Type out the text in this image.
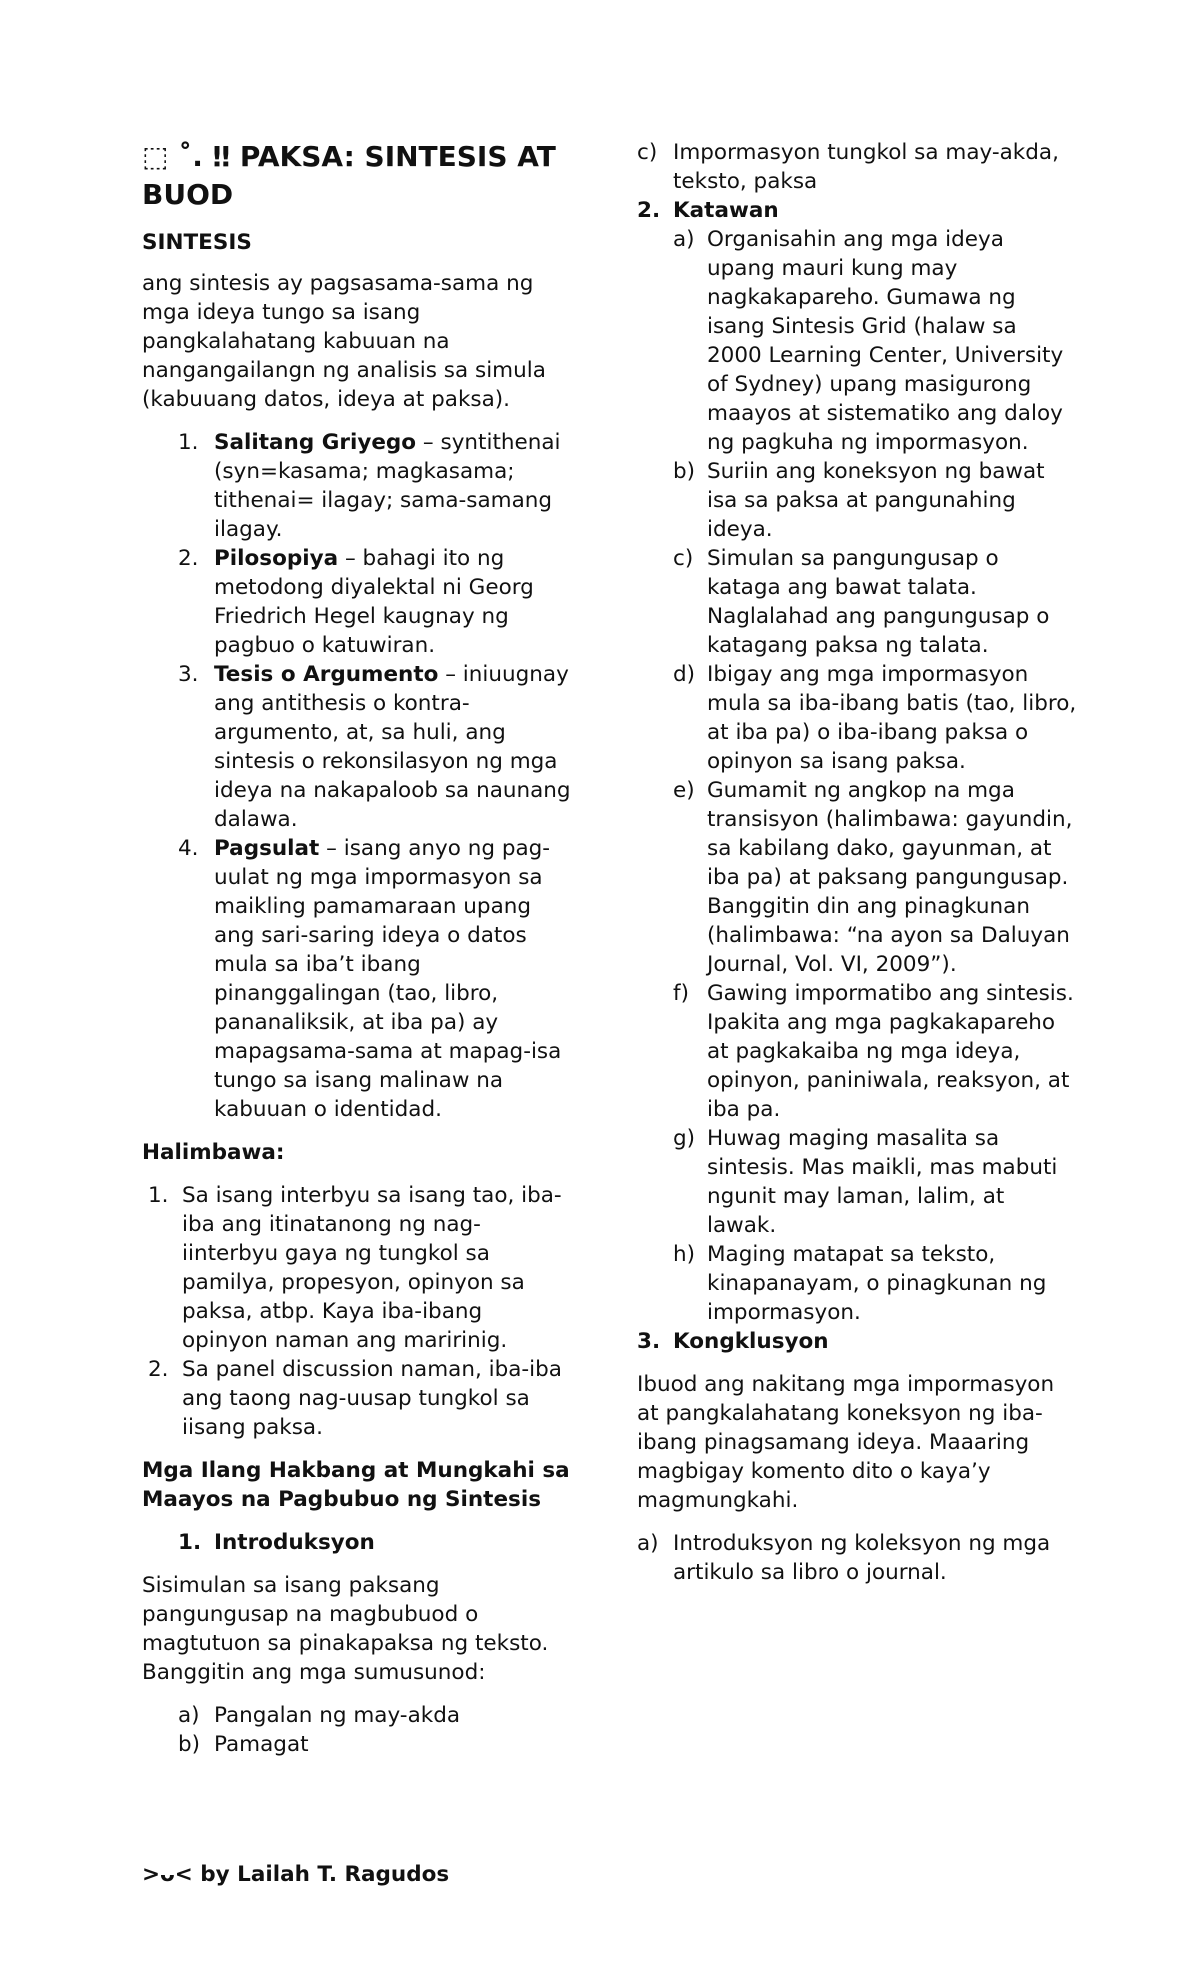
⬚ ˚. ‼ PAKSA: SINTESIS AT BUOD
SINTESIS

ang sintesis ay pagsasama-sama ng mga ideya tungo sa isang pangkalahatang kabuuan na nangangailangn ng analisis sa simula (kabuuang datos, ideya at paksa).

1. Salitang Griyego – syntithenai (syn=kasama; magkasama; tithenai= ilagay; sama-samang ilagay.
2. Pilosopiya – bahagi ito ng metodong diyalektal ni Georg Friedrich Hegel kaugnay ng pagbuo o katuwiran.
3. Tesis o Argumento – iniuugnay ang antithesis o kontra-argumento, at, sa huli, ang sintesis o rekonsilasyon ng mga ideya na nakapaloob sa naunang dalawa.
4. Pagsulat – isang anyo ng pag-uulat ng mga impormasyon sa maikling pamamaraan upang ang sari-saring ideya o datos mula sa iba’t ibang pinanggalingan (tao, libro, pananaliksik, at iba pa) ay mapagsama-sama at mapag-isa tungo sa isang malinaw na kabuuan o identidad.
Halimbawa:
1. Sa isang interbyu sa isang tao, iba-iba ang itinatanong ng nag-iinterbyu gaya ng tungkol sa pamilya, propesyon, opinyon sa paksa, atbp. Kaya iba-ibang opinyon naman ang maririnig.
2. Sa panel discussion naman, iba-iba ang taong nag-uusap tungkol sa iisang paksa.
Mga Ilang Hakbang at Mungkahi sa Maayos na Pagbubuo ng Sintesis
1. Introduksyon

Sisimulan sa isang paksang pangungusap na magbubuod o magtutuon sa pinakapaksa ng teksto. Banggitin ang mga sumusunod:

a) Pangalan ng may-akda
b) Pamagat
c) Impormasyon tungkol sa may-akda, teksto, paksa
2. Katawan
a) Organisahin ang mga ideya upang mauri kung may nagkakapareho. Gumawa ng isang Sintesis Grid (halaw sa 2000 Learning Center, University of Sydney) upang masigurong maayos at sistematiko ang daloy ng pagkuha ng impormasyon.
b) Suriin ang koneksyon ng bawat isa sa paksa at pangunahing ideya.
c) Simulan sa pangungusap o kataga ang bawat talata. Naglalahad ang pangungusap o katagang paksa ng talata.
d) Ibigay ang mga impormasyon mula sa iba-ibang batis (tao, libro, at iba pa) o iba-ibang paksa o opinyon sa isang paksa.
e) Gumamit ng angkop na mga transisyon (halimbawa: gayundin, sa kabilang dako, gayunman, at iba pa) at paksang pangungusap. Banggitin din ang pinagkunan (halimbawa: “na ayon sa Daluyan Journal, Vol. VI, 2009”).
f) Gawing impormatibo ang sintesis. Ipakita ang mga pagkakapareho at pagkakaiba ng mga ideya, opinyon, paniniwala, reaksyon, at iba pa.
g) Huwag maging masalita sa sintesis. Mas maikli, mas mabuti ngunit may laman, lalim, at lawak.
h) Maging matapat sa teksto, kinapanayam, o pinagkunan ng impormasyon.
3. Kongklusyon

Ibuod ang nakitang mga impormasyon at pangkalahatang koneksyon ng iba-ibang pinagsamang ideya. Maaaring magbigay komento dito o kaya’y magmungkahi.

a) Introduksyon ng koleksyon ng mga artikulo sa libro o journal.
>ᴗ< by Lailah T. Ragudos
